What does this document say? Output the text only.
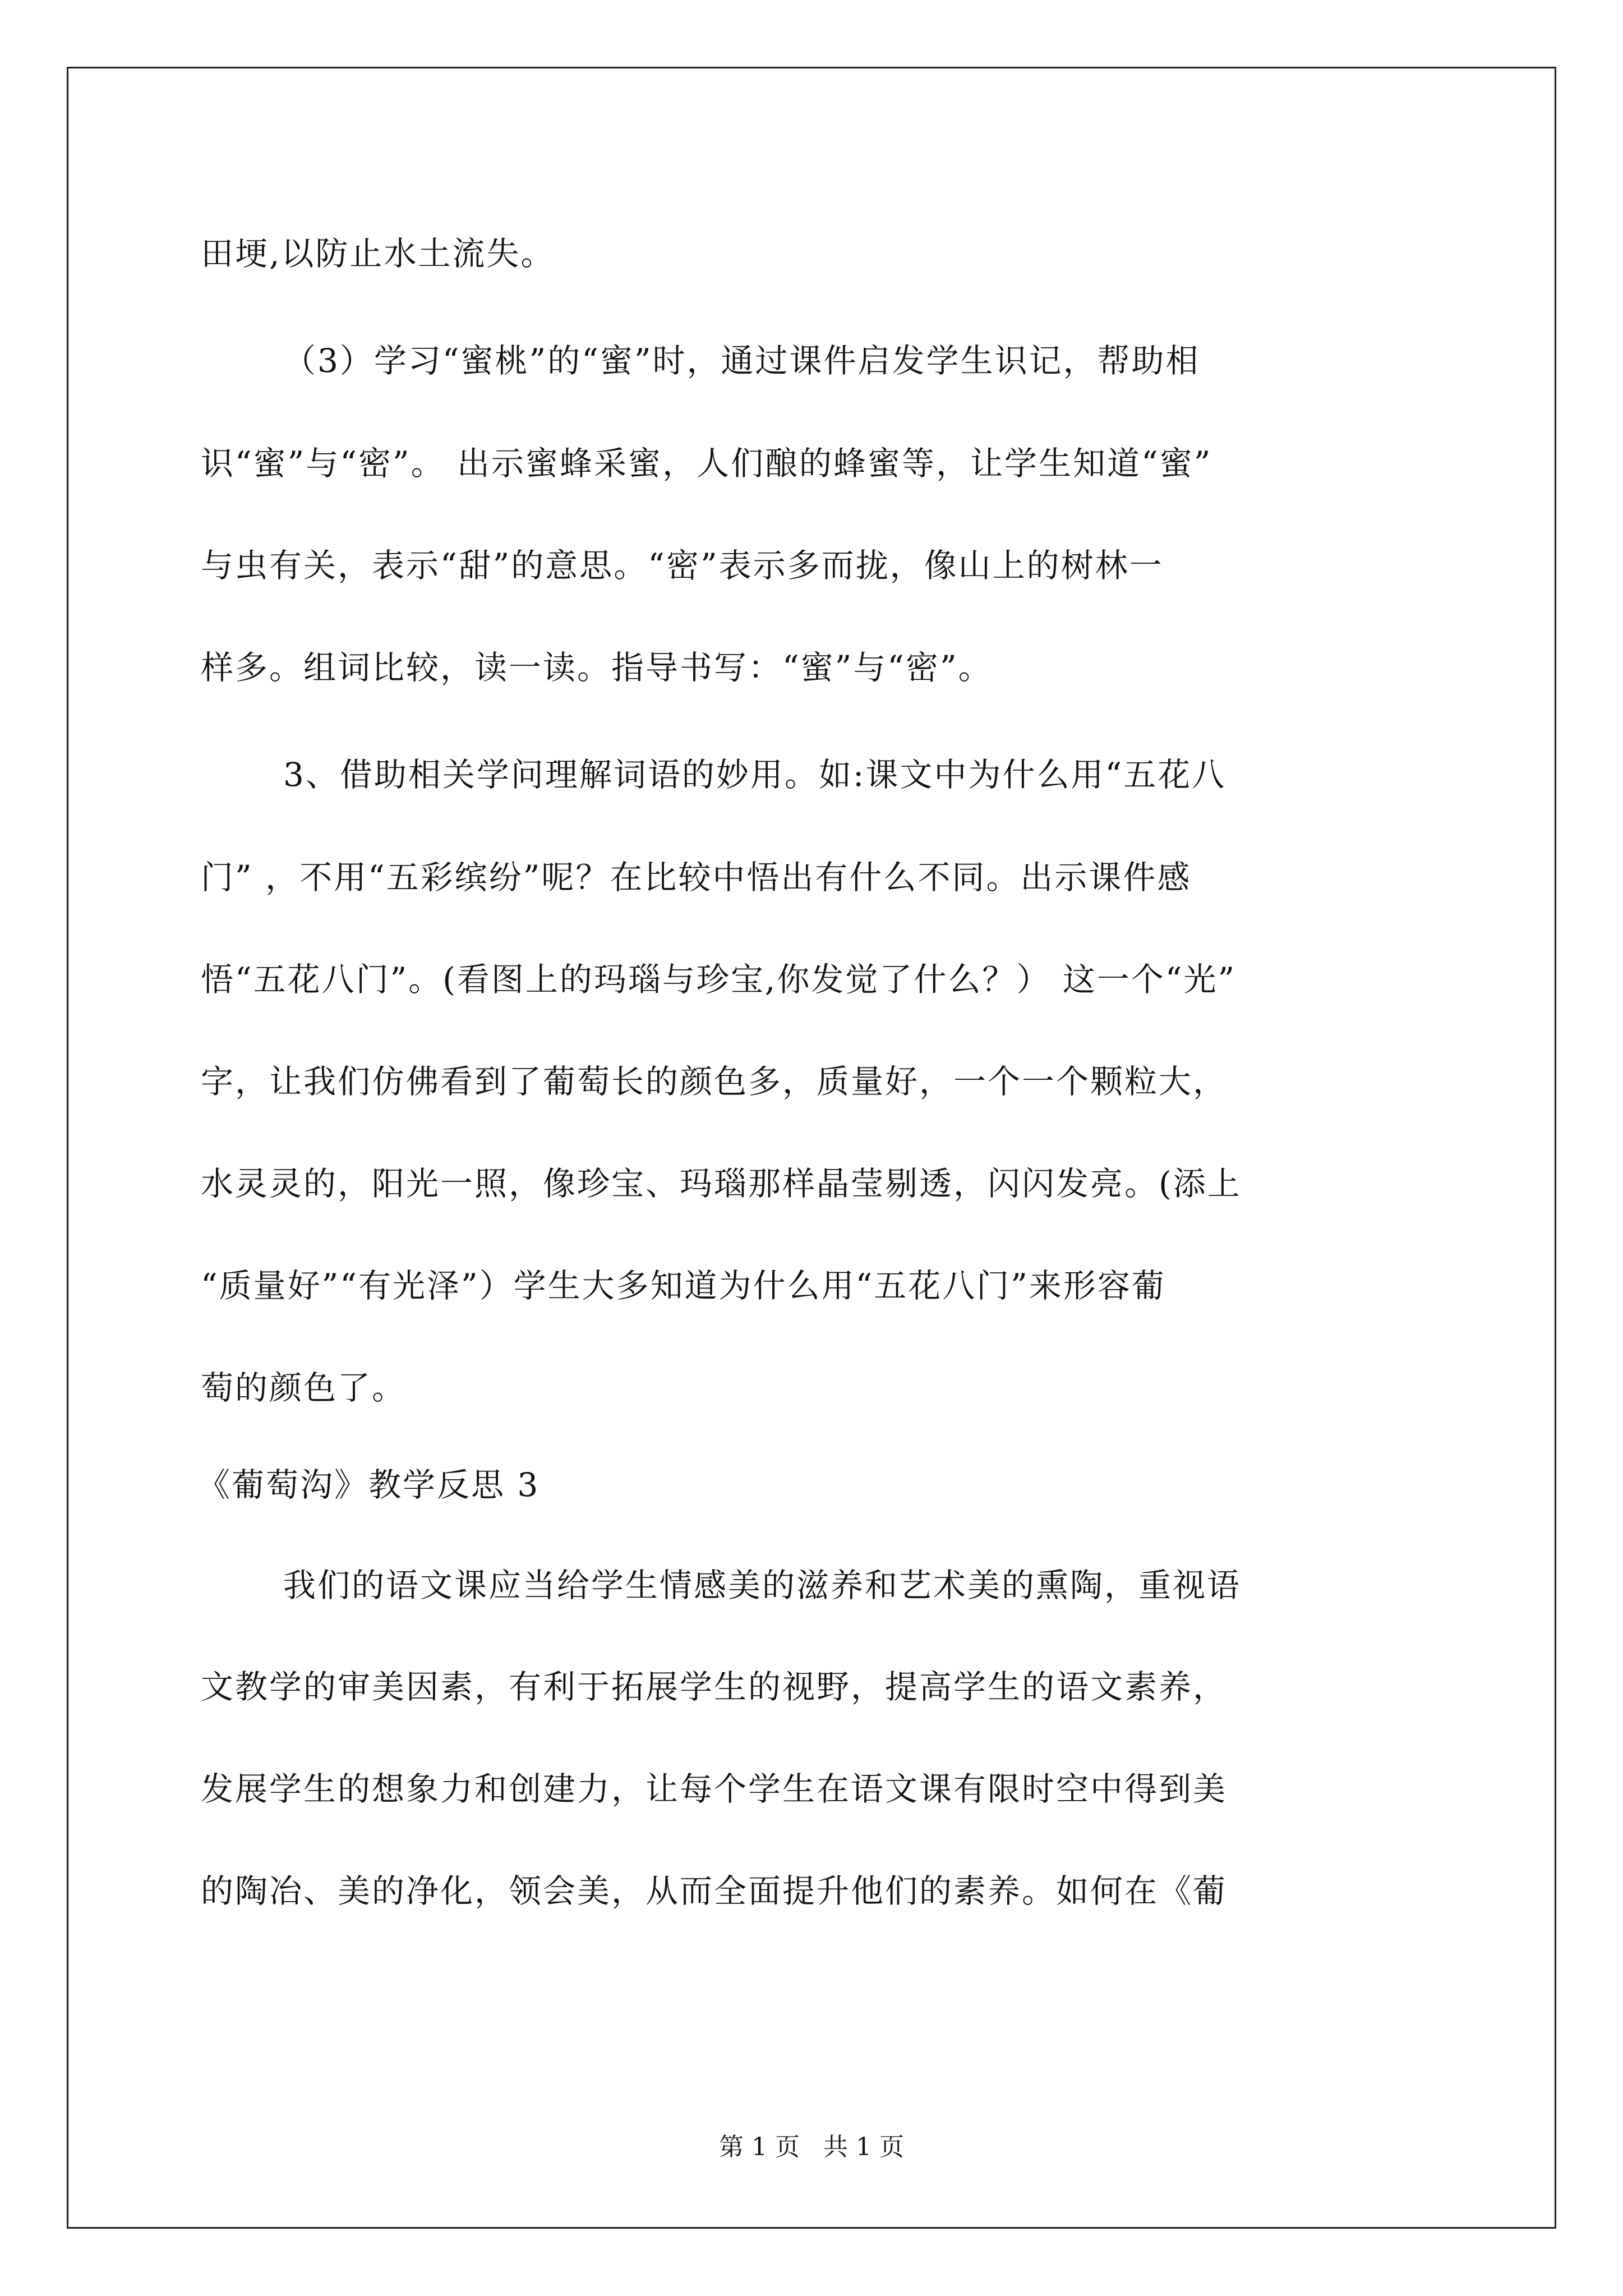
田埂,以防止水土流失。
（3）学习“蜜桃”的“蜜”时，通过课件启发学生识记，帮助相
识“蜜”与“密”。 出示蜜蜂采蜜，人们酿的蜂蜜等，让学生知道“蜜”
与虫有关，表示“甜”的意思。“密”表示多而拢，像山上的树林一
样多。组词比较，读一读。指导书写：“蜜”与“密”。
3、借助相关学问理解词语的妙用。如:课文中为什么用“五花八
门” ，不用“五彩缤纷”呢？在比较中悟出有什么不同。出示课件感
悟“五花八门”。(看图上的玛瑙与珍宝,你发觉了什么？） 这一个“光”
字，让我们仿佛看到了葡萄长的颜色多，质量好，一个一个颗粒大，
水灵灵的，阳光一照，像珍宝、玛瑙那样晶莹剔透，闪闪发亮。(添上
“质量好”“有光泽”）学生大多知道为什么用“五花八门”来形容葡
萄的颜色了。
《葡萄沟》教学反思 3
我们的语文课应当给学生情感美的滋养和艺术美的熏陶，重视语
文教学的审美因素，有利于拓展学生的视野，提高学生的语文素养，
发展学生的想象力和创建力，让每个学生在语文课有限时空中得到美
的陶冶、美的净化，领会美，从而全面提升他们的素养。如何在《葡
第 1 页   共 1 页
